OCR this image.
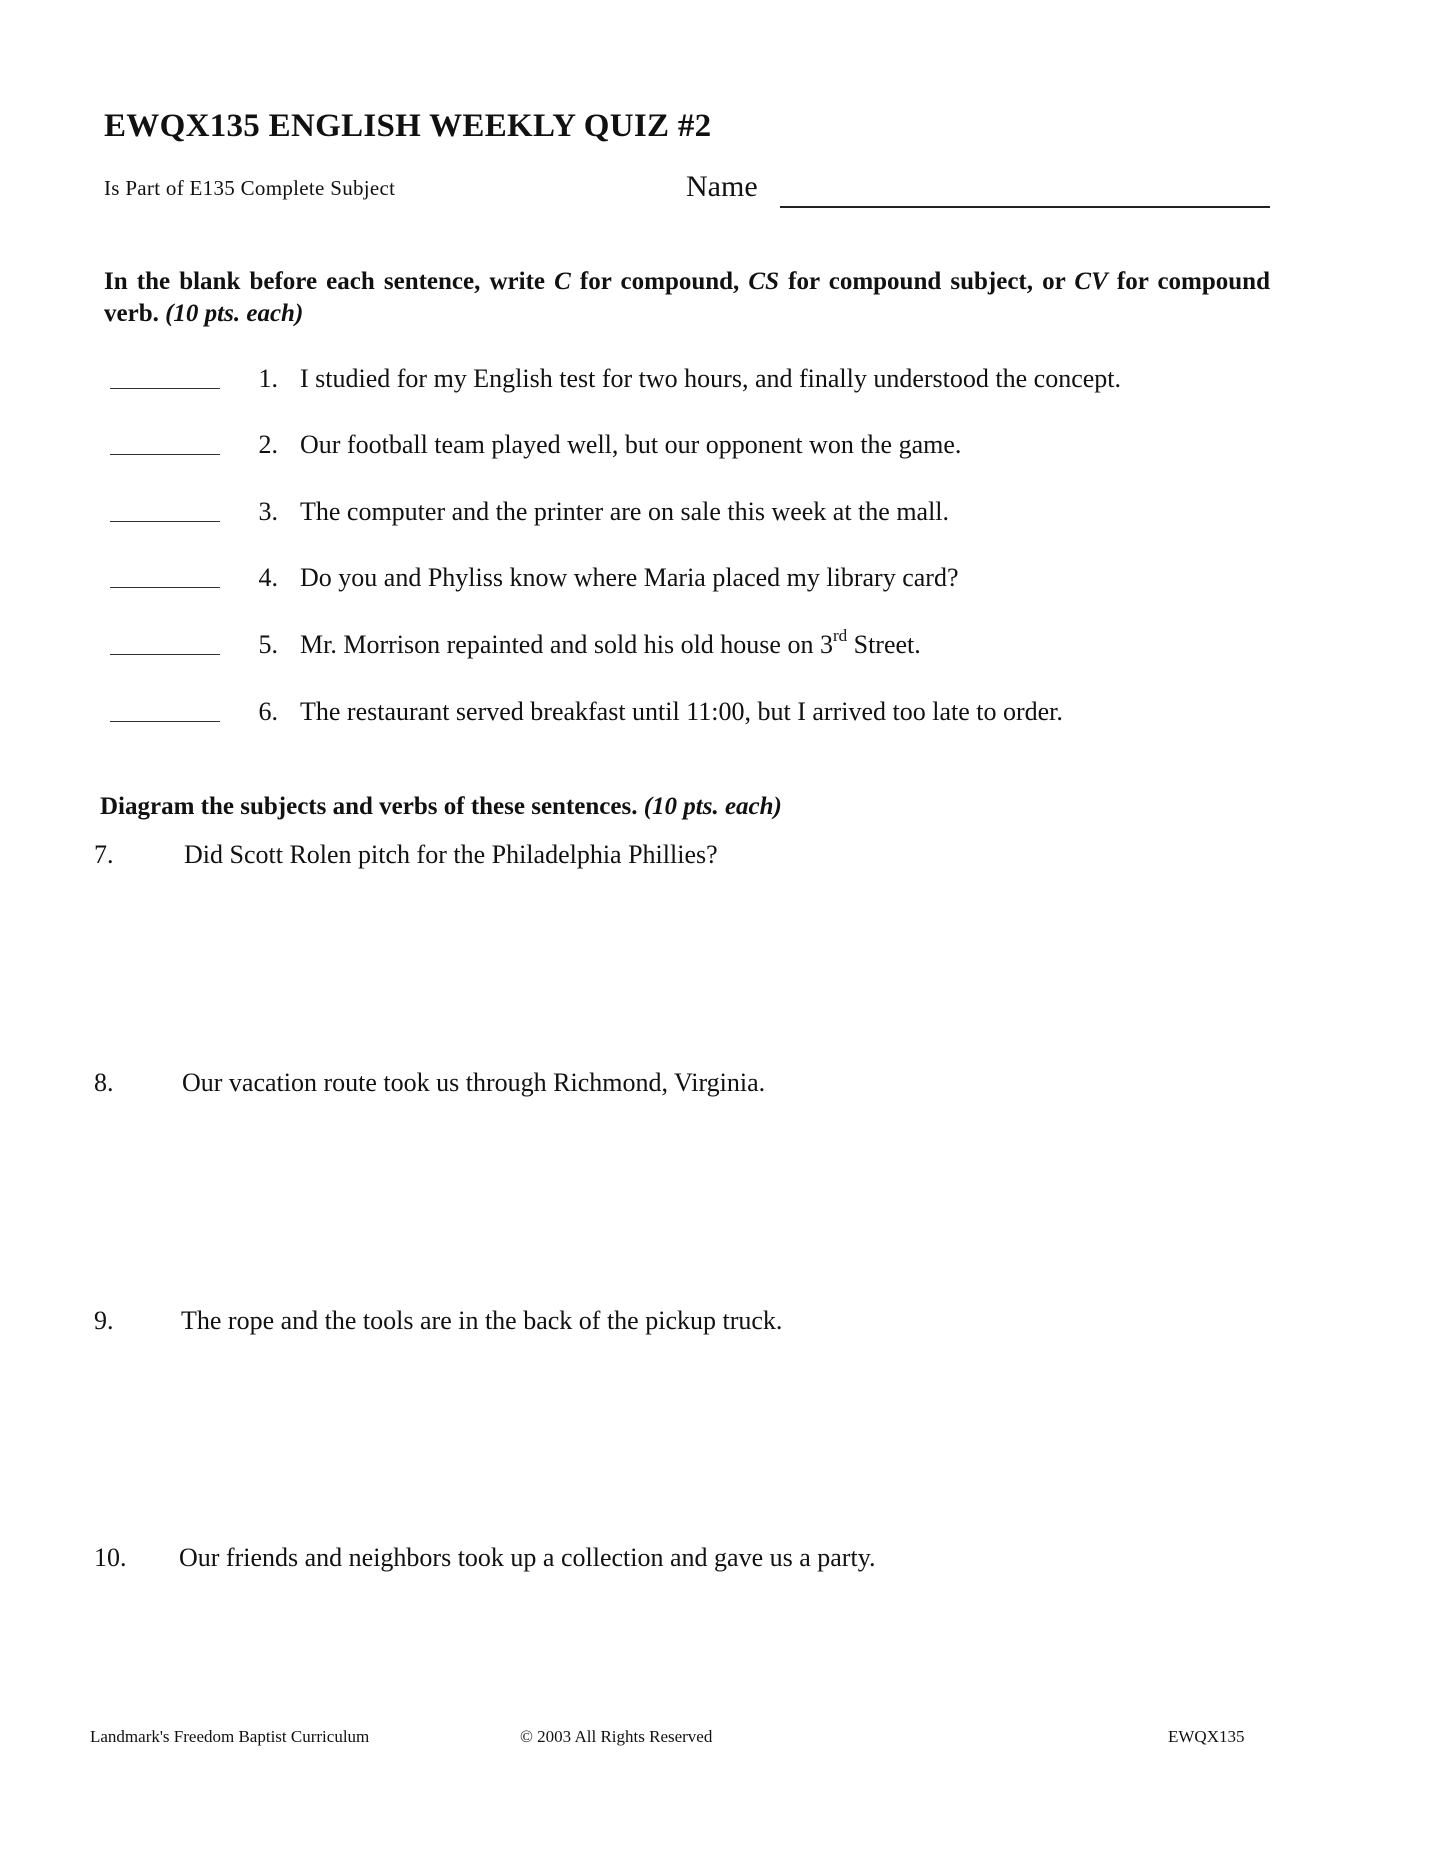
EWQX135 ENGLISH WEEKLY QUIZ #2
Is Part of E135 Complete Subject	Name
In the blank before each sentence, write C for compound, CS for compound subject, or CV for compound verb. (10 pts. each)
1. I studied for my English test for two hours, and finally understood the concept.
2. Our football team played well, but our opponent won the game.
3. The computer and the printer are on sale this week at the mall.
4. Do you and Phyliss know where Maria placed my library card?
5. Mr. Morrison repainted and sold his old house on 3rd Street.
6. The restaurant served breakfast until 11:00, but I arrived too late to order.
Diagram the subjects and verbs of these sentences. (10 pts. each)
7.	Did Scott Rolen pitch for the Philadelphia Phillies?
8.	Our vacation route took us through Richmond, Virginia.
9.	The rope and the tools are in the back of the pickup truck.
10. Our friends and neighbors took up a collection and gave us a party.
Landmark's Freedom Baptist Curriculum	© 2003 All Rights Reserved	EWQX135
